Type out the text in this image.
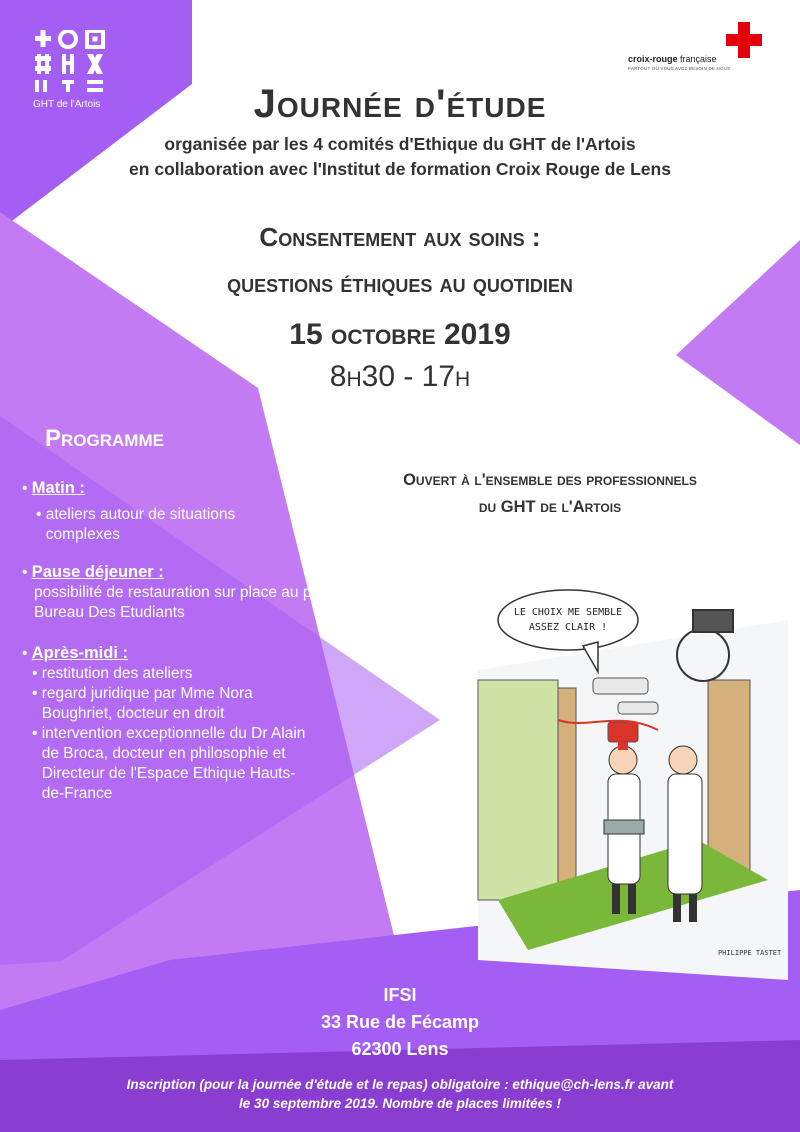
GHT de l'Artois
croix-rouge française
PARTOUT OÙ VOUS AVEZ BESOIN DE NOUS
Journée d'étude
organisée par les 4 comités d'Ethique du GHT de l'Artois
en collaboration avec l'Institut de formation Croix Rouge de Lens
Consentement aux soins :
questions éthiques au quotidien
15 octobre 2019
8h30 - 17h
Programme
• Matin :
• ateliers autour de situations complexes
• Pause déjeuner :
possibilité de restauration sur place au profit du Bureau Des Etudiants
• Après-midi :
• restitution des ateliers
• regard juridique par Mme Nora Boughriet, docteur en droit
• intervention exceptionnelle du Dr Alain de Broca, docteur en philosophie et Directeur de l'Espace Ethique Hauts-de-France
Ouvert à l'ensemble des professionnels
du GHT de l'Artois
LE CHOIX ME SEMBLE
ASSEZ CLAIR !
PHILIPPE TASTET
IFSI
33 Rue de Fécamp
62300 Lens
Inscription (pour la journée d'étude et le repas) obligatoire : ethique@ch-lens.fr avant
le 30 septembre 2019. Nombre de places limitées !
